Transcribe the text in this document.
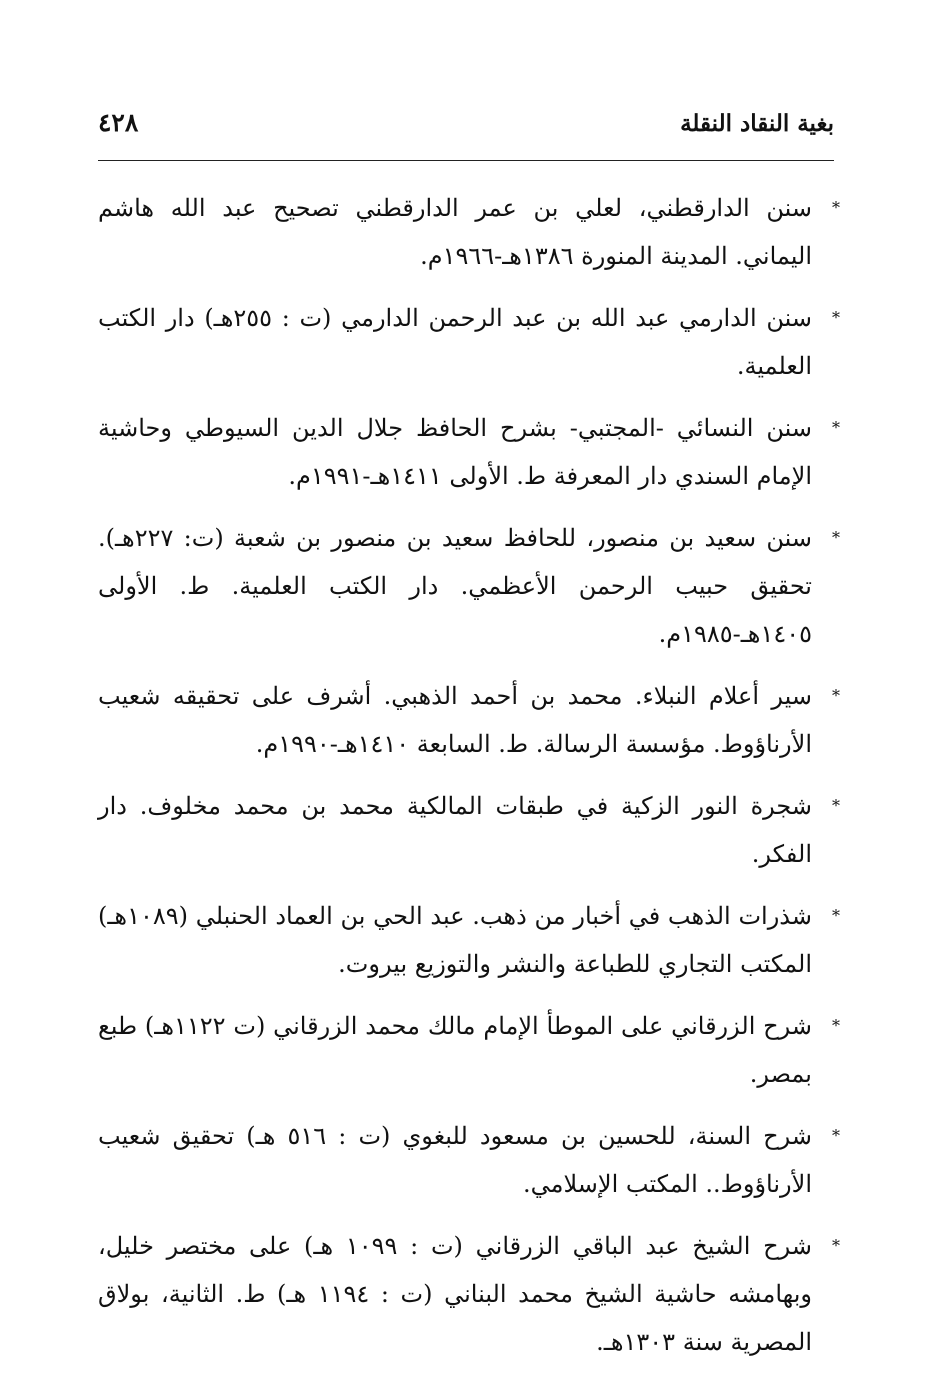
بغية النقاد النقلة
٤٢٨
*
سنن الدارقطني، لعلي بن عمر الدارقطني تصحيح عبد الله هاشم اليماني. المدينة المنورة ١٣٨٦هـ-١٩٦٦م.
*
سنن الدارمي عبد الله بن عبد الرحمن الدارمي (ت : ٢٥٥هـ) دار الكتب العلمية.
*
سنن النسائي -المجتبي- بشرح الحافظ جلال الدين السيوطي وحاشية الإمام السندي دار المعرفة ط. الأولى ١٤١١هـ-١٩٩١م.
*
سنن سعيد بن منصور، للحافظ سعيد بن منصور بن شعبة (ت: ٢٢٧هـ). تحقيق حبيب الرحمن الأعظمي. دار الكتب العلمية. ط. الأولى ١٤٠٥هـ-١٩٨٥م.
*
سير أعلام النبلاء. محمد بن أحمد الذهبي. أشرف على تحقيقه شعيب الأرناؤوط. مؤسسة الرسالة. ط. السابعة ١٤١٠هـ-١٩٩٠م.
*
شجرة النور الزكية في طبقات المالكية محمد بن محمد مخلوف. دار الفكر.
*
شذرات الذهب في أخبار من ذهب. عبد الحي بن العماد الحنبلي (١٠٨٩هـ) المكتب التجاري للطباعة والنشر والتوزيع بيروت.
*
شرح الزرقاني على الموطأ الإمام مالك محمد الزرقاني (ت ١١٢٢هـ) طبع بمصر.
*
شرح السنة، للحسين بن مسعود للبغوي (ت : ٥١٦ هـ) تحقيق شعيب الأرناؤوط.. المكتب الإسلامي.
*
شرح الشيخ عبد الباقي الزرقاني (ت : ١٠٩٩ هـ) على مختصر خليل، وبهامشه حاشية الشيخ محمد البناني (ت : ١١٩٤ هـ) ط. الثانية، بولاق المصرية سنة ١٣٠٣هـ.
